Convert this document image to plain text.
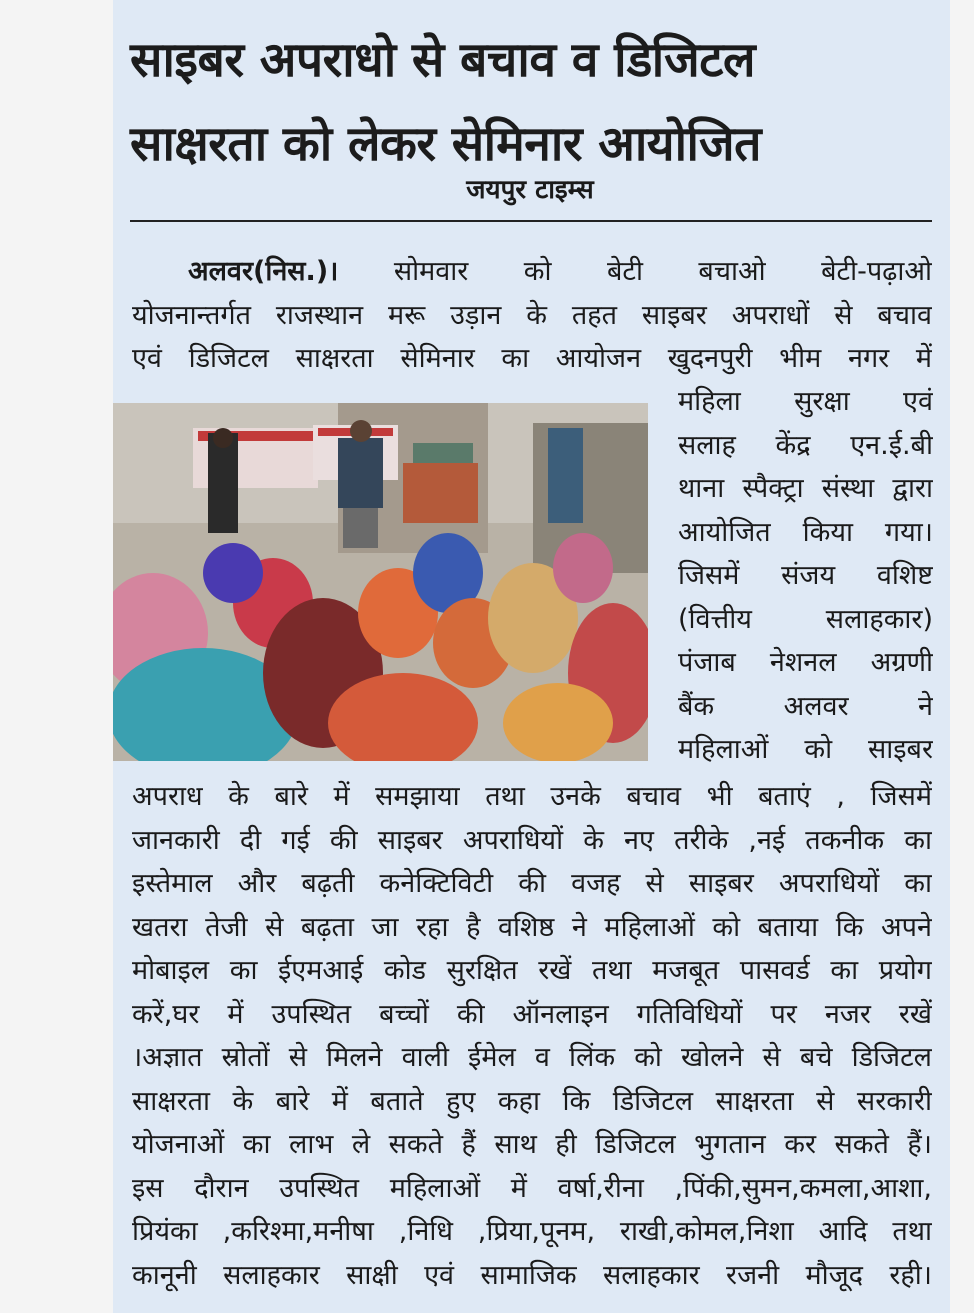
साइबर अपराधो से बचाव व डिजिटल
साक्षरता को लेकर सेमिनार आयोजित
जयपुर टाइम्स
अलवर(निस.)। सोमवार को बेटी बचाओ बेटी-पढ़ाओ
योजनान्तर्गत राजस्थान मरू उड़ान के तहत साइबर अपराधों से बचाव
एवं डिजिटल साक्षरता सेमिनार का आयोजन खुदनपुरी भीम नगर में
महिला सुरक्षा एवं
सलाह केंद्र एन.ई.बी
थाना स्पैक्ट्रा संस्था द्वारा
आयोजित किया गया।
जिसमें संजय वशिष्ट
(वित्तीय सलाहकार)
पंजाब नेशनल अग्रणी
बैंक अलवर ने
महिलाओं को साइबर
अपराध के बारे में समझाया तथा उनके बचाव भी बताएं , जिसमें
जानकारी दी गई की साइबर अपराधियों के नए तरीके ,नई तकनीक का
इस्तेमाल और बढ़ती कनेक्टिविटी की वजह से साइबर अपराधियों का
खतरा तेजी से बढ़ता जा रहा है वशिष्ठ ने महिलाओं को बताया कि अपने
मोबाइल का ईएमआई कोड सुरक्षित रखें तथा मजबूत पासवर्ड का प्रयोग
करें,घर में उपस्थित बच्चों की ऑनलाइन गतिविधियों पर नजर रखें
।अज्ञात स्रोतों से मिलने वाली ईमेल व लिंक को खोलने से बचे डिजिटल
साक्षरता के बारे में बताते हुए कहा कि डिजिटल साक्षरता से सरकारी
योजनाओं का लाभ ले सकते हैं साथ ही डिजिटल भुगतान कर सकते हैं।
इस दौरान उपस्थित महिलाओं में वर्षा,रीना ,पिंकी,सुमन,कमला,आशा,
प्रियंका ,करिश्मा,मनीषा ,निधि ,प्रिया,पूनम, राखी,कोमल,निशा आदि तथा
कानूनी सलाहकार साक्षी एवं सामाजिक सलाहकार रजनी मौजूद रही।
